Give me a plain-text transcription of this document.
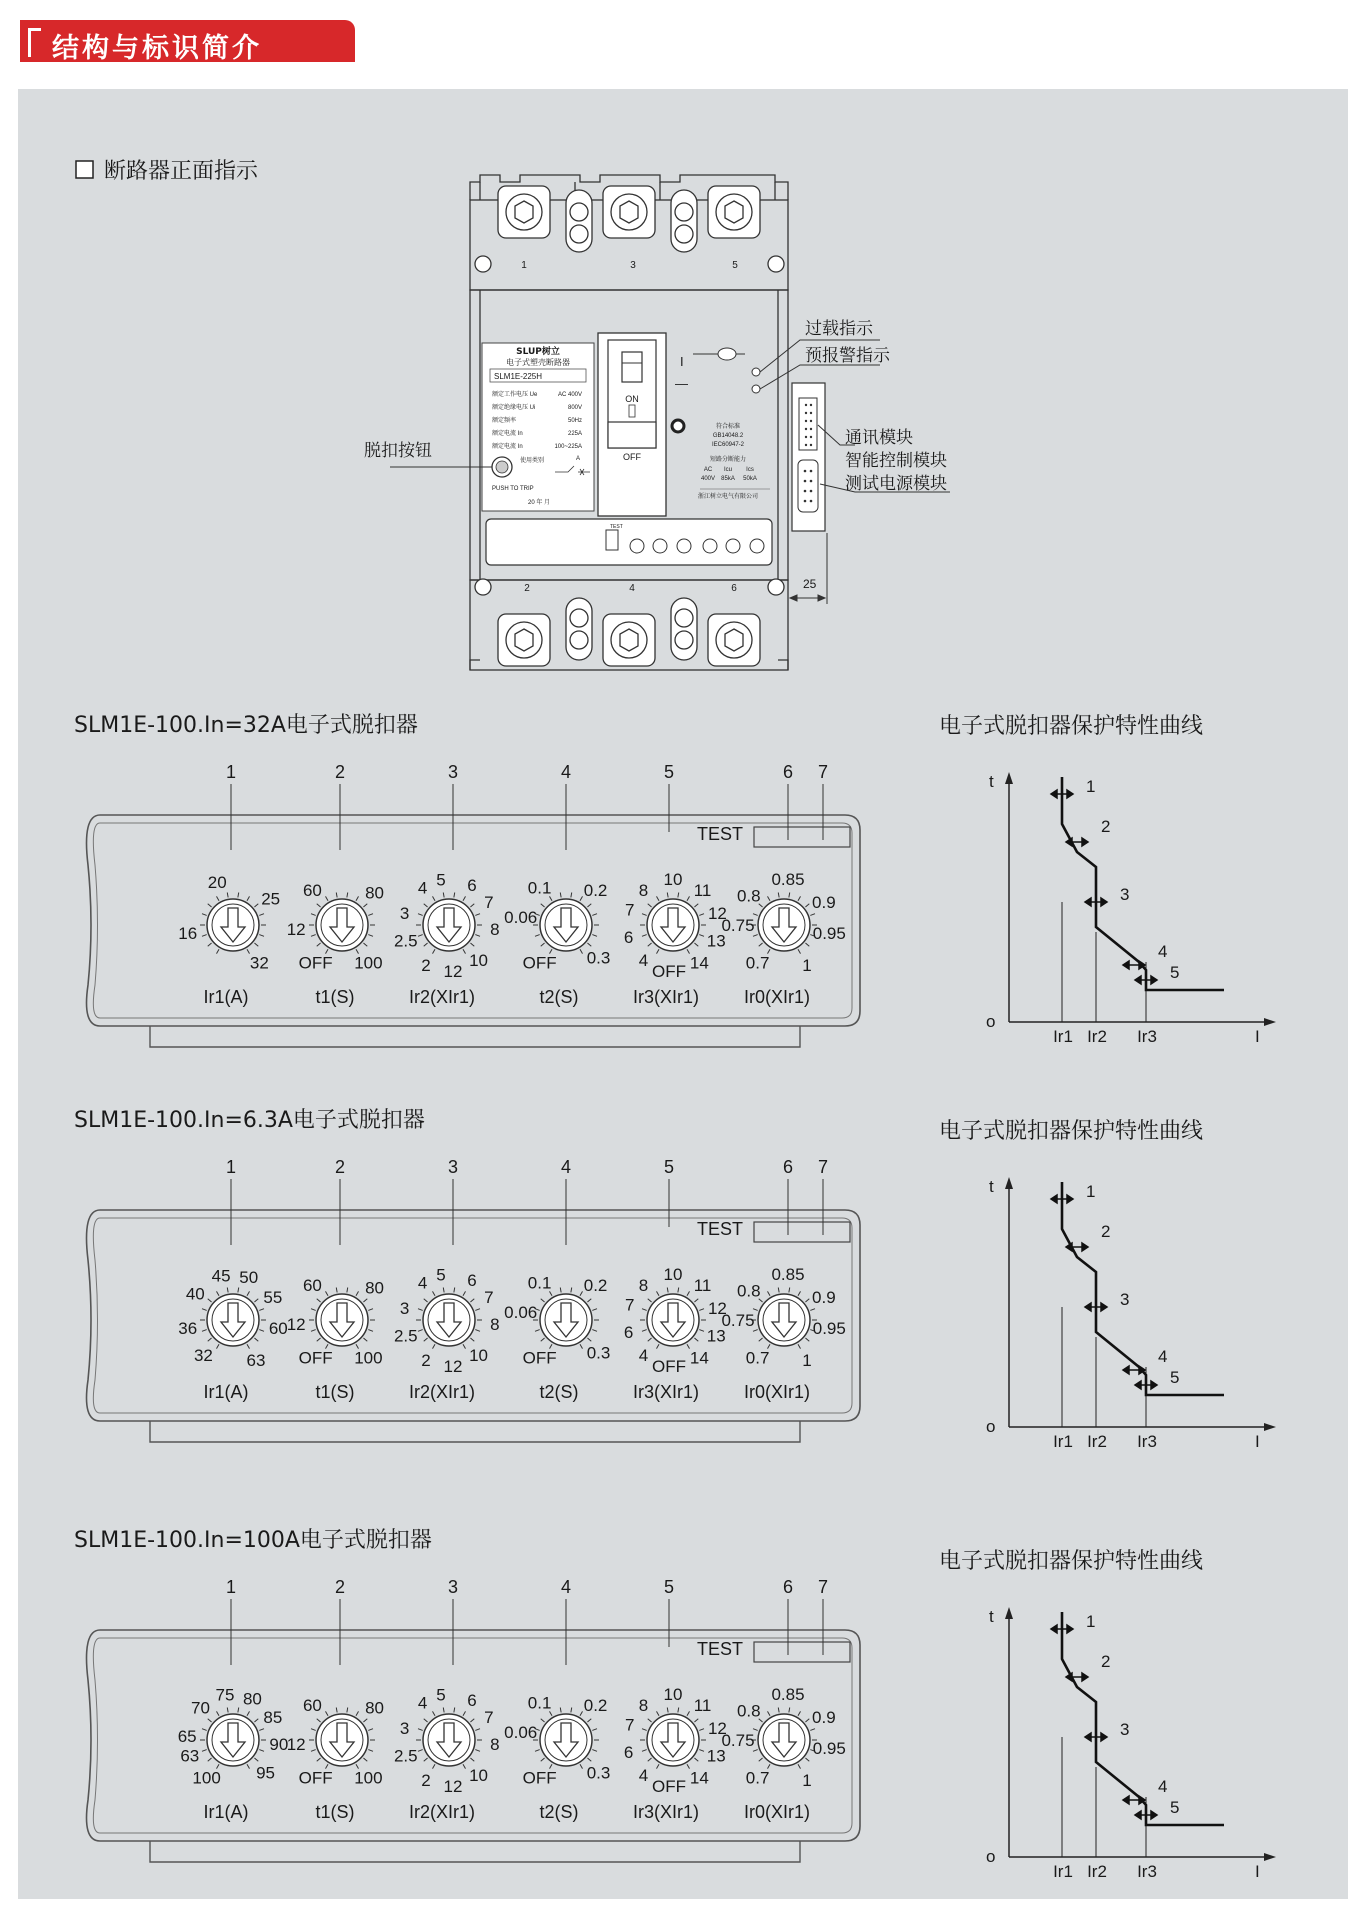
结构与标识简介
断路器正面指示
1	3	5
2	4	6
SLUP树立
电子式塑壳断路器
SLM1E-225H
额定工作电压 Ue	AC 400V
额定绝缘电压 Ui	800V
额定频率	50Hz
额定电流 In	225A
额定电流 In	100~225A
A
使用类别
PUSH TO TRIP
20 年 月
脱扣按钮
ON
OFF
I
—
符合标准
GB14048.2
IEC60947-2
短路分断能力
AC Icu Ics
400V 85kA 50kA
浙江树立电气有限公司
25
TEST
过载指示
预报警指示
通讯模块
智能控制模块
测试电源模块
SLM1E-100.In=32A电子式脱扣器	电子式脱扣器保护特性曲线
TEST
1	2	3	4	5	6 7
20
25
32
16
Ir1(A)
60	80
100
OFF
12
t1(S)
5 6
7
8
10
12
2
2.5
3
4
Ir2(XIr1)
0.1 0.2
0.3
OFF
0.06
t2(S)
10
11
12
13
14
OFF
4
6
7
8
Ir3(XIr1)
0.85
0.9
0.95
1
0.7
0.75
0.8
Ir0(XIr1)
t
o
I
Ir1 Ir2 Ir3
1
2
3
4
5
SLM1E-100.In=6.3A电子式脱扣器	电子式脱扣器保护特性曲线
TEST
1	2	3	4	5	6 7
45 50
55
60
63
32
36
40
Ir1(A)
60	80
100
OFF
12
t1(S)
5 6
7
8
10
12
2
2.5
3
4
Ir2(XIr1)
0.1 0.2
0.3
OFF
0.06
t2(S)
10
11
12
13
14
OFF
4
6
7
8
Ir3(XIr1)
0.85
0.9
0.95
1
0.7
0.75
0.8
Ir0(XIr1)
t
o
I
Ir1 Ir2 Ir3
1
2
3
4
5
SLM1E-100.In=100A电子式脱扣器
电子式脱扣器保护特性曲线
TEST
1	2	3	4	5	6 7
75 80
85
90
95
100
63
65
70
Ir1(A)
60	80
100
OFF
12
t1(S)
5 6
7
8
10
12
2
2.5
3
4
Ir2(XIr1)
0.1 0.2
0.3
OFF
0.06
t2(S)
10
11
12
13
14
OFF
4
6
7
8
Ir3(XIr1)
0.85
0.9
0.95
1
0.7
0.75
0.8
Ir0(XIr1)
t
o
I
Ir1 Ir2 Ir3
1
2
3
4
5
